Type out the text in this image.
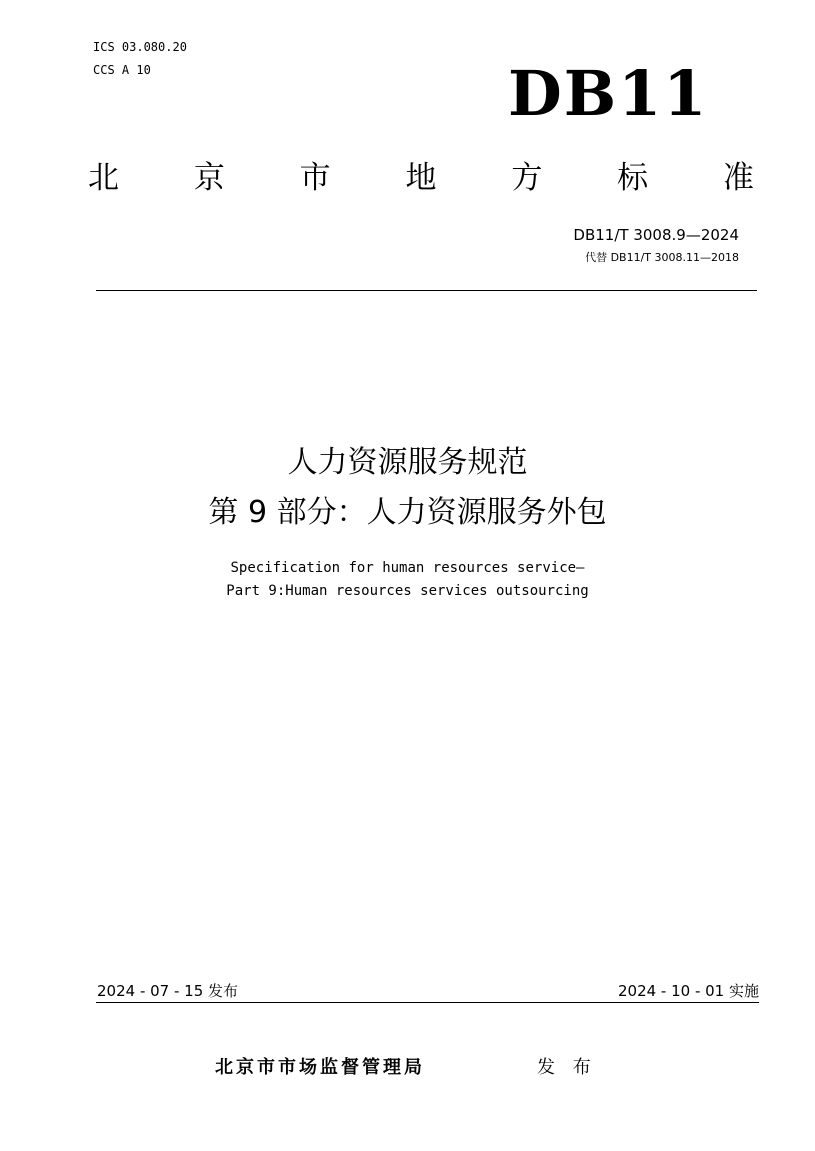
ICS 03.080.20
CCS A 10	DB11
北 京 市 地 方 标 准
DB11/T 3008.9—2024
代替 DB11/T 3008.11—2018
人力资源服务规范
第 9 部分：人力资源服务外包
Specification for human resources service—
Part 9:Human resources services outsourcing
2024 - 07 - 15 发布	2024 - 10 - 01 实施
北京市市场监督管理局	发 布
